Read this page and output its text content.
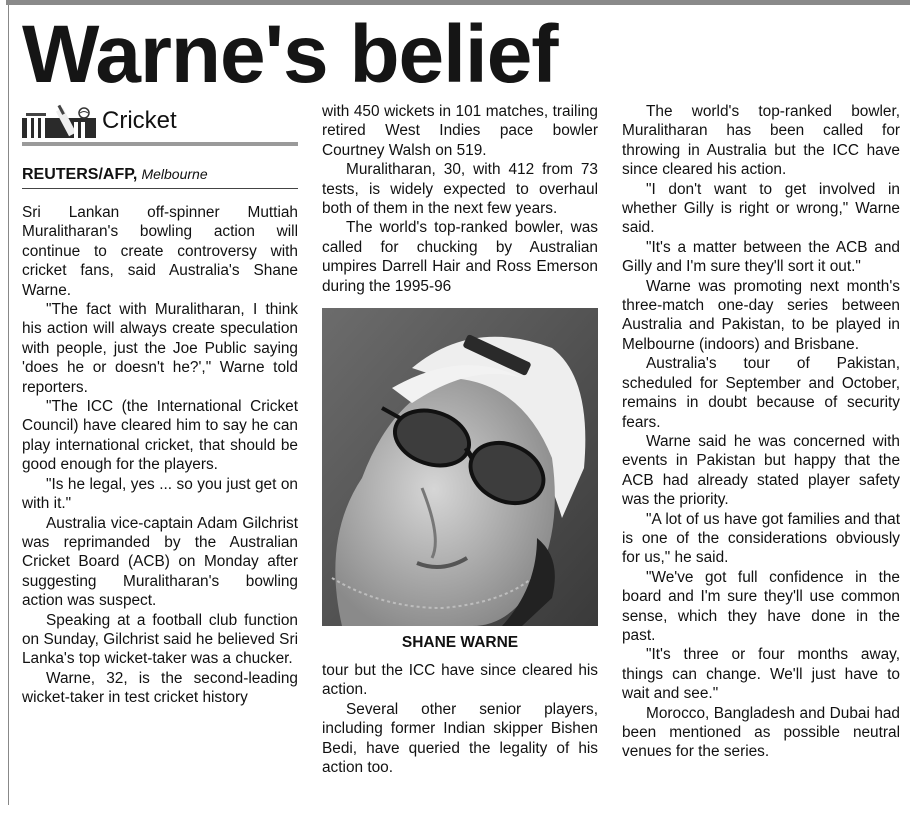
Warne's belief
Cricket
REUTERS/AFP, Melbourne

Sri Lankan off-spinner Muttiah Muralitharan's bowling action will continue to create controversy with cricket fans, said Australia's Shane Warne.

"The fact with Muralitharan, I think his action will always create speculation with people, just the Joe Public saying 'does he or doesn't he?'," Warne told reporters.

"The ICC (the International Cricket Council) have cleared him to say he can play international cricket, that should be good enough for the players.

"Is he legal, yes ... so you just get on with it."

Australia vice-captain Adam Gilchrist was reprimanded by the Australian Cricket Board (ACB) on Monday after suggesting Muralitharan's bowling action was suspect.

Speaking at a football club function on Sunday, Gilchrist said he believed Sri Lanka's top wicket-taker was a chucker.

Warne, 32, is the second-leading wicket-taker in test cricket history

with 450 wickets in 101 matches, trailing retired West Indies pace bowler Courtney Walsh on 519.

Muralitharan, 30, with 412 from 73 tests, is widely expected to overhaul both of them in the next few years.

The world's top-ranked bowler, was called for chucking by Australian umpires Darrell Hair and Ross Emerson during the 1995-96

SHANE WARNE

tour but the ICC have since cleared his action.

Several other senior players, including former Indian skipper Bishen Bedi, have queried the legality of his action too.

The world's top-ranked bowler, Muralitharan has been called for throwing in Australia but the ICC have since cleared his action.

"I don't want to get involved in whether Gilly is right or wrong," Warne said.

"It's a matter between the ACB and Gilly and I'm sure they'll sort it out."

Warne was promoting next month's three-match one-day series between Australia and Pakistan, to be played in Melbourne (indoors) and Brisbane.

Australia's tour of Pakistan, scheduled for September and October, remains in doubt because of security fears.

Warne said he was concerned with events in Pakistan but happy that the ACB had already stated player safety was the priority.

"A lot of us have got families and that is one of the considerations obviously for us," he said.

"We've got full confidence in the board and I'm sure they'll use common sense, which they have done in the past.

"It's three or four months away, things can change. We'll just have to wait and see."

Morocco, Bangladesh and Dubai had been mentioned as possible neutral venues for the series.
